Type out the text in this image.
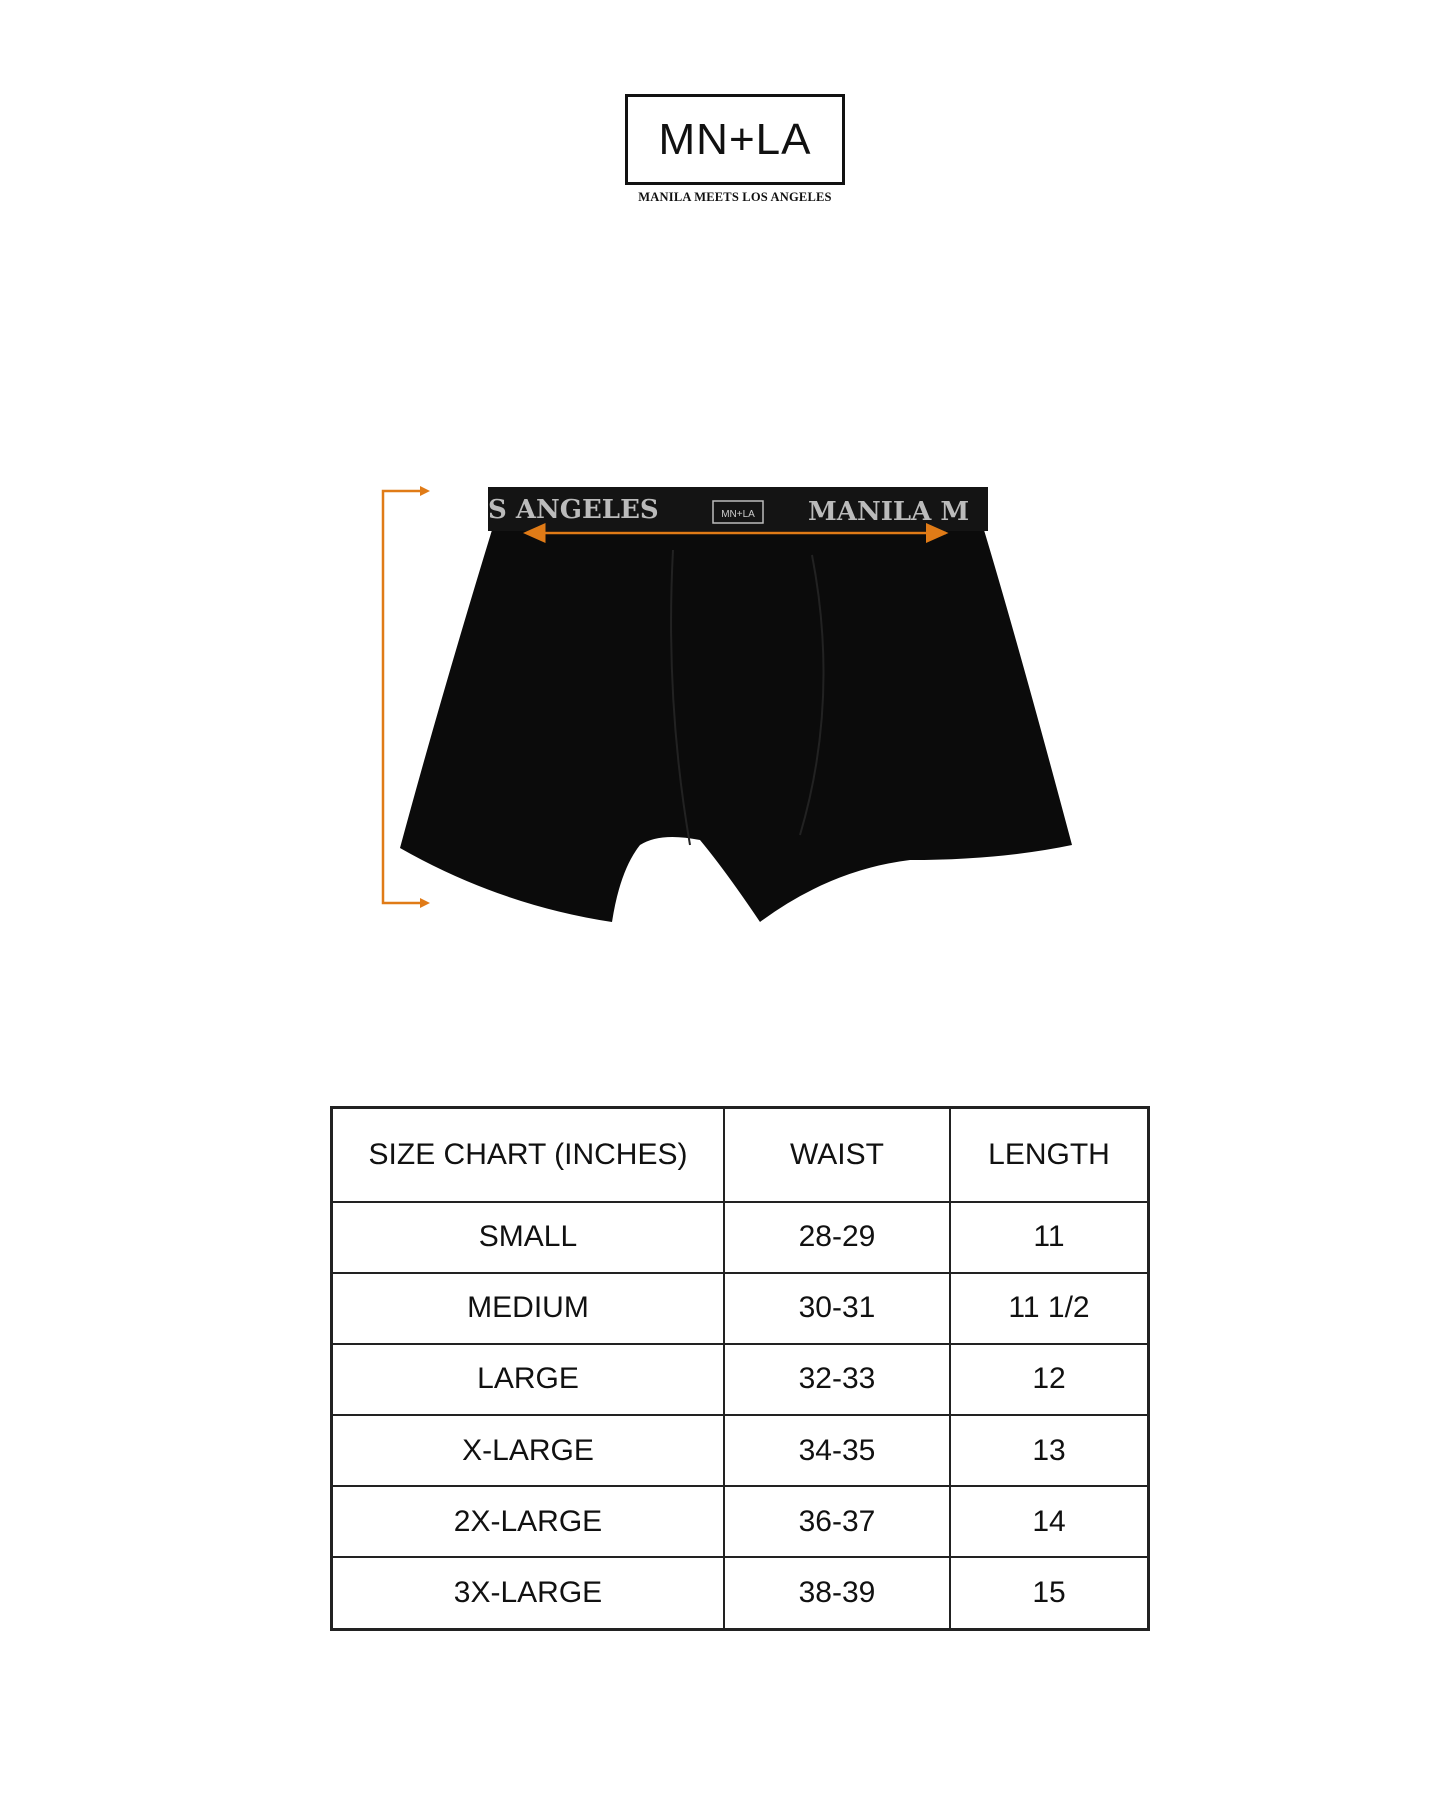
MN+LA
MANILA MEETS LOS ANGELES
S ANGELES	MN+LA MANILA M
SIZE CHART (INCHES)	WAIST	LENGTH
SMALL	28-29	11
MEDIUM	30-31	11 1/2
LARGE	32-33	12
X-LARGE	34-35	13
2X-LARGE	36-37	14
3X-LARGE	38-39	15
